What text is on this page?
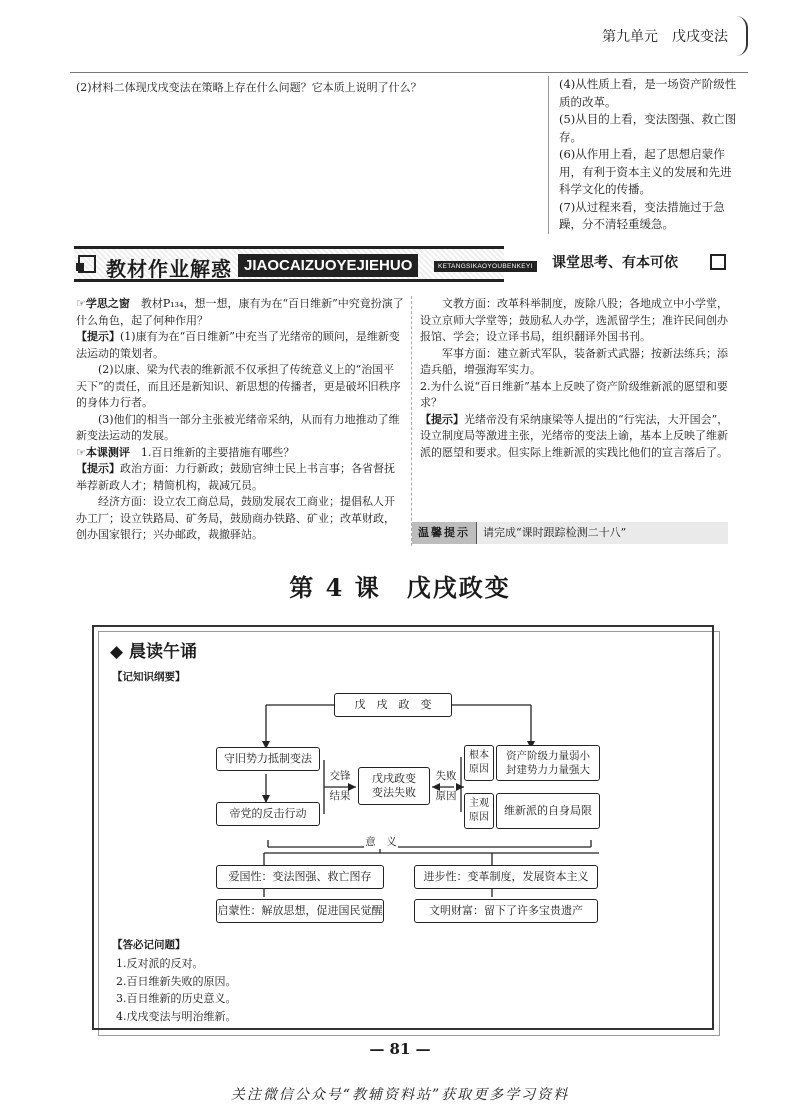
第九单元　戊戌变法
(2)材料二体现戊戌变法在策略上存在什么问题？它本质上说明了什么？	(4)从性质上看，是一场资产阶级性质的改革。

(5)从目的上看，变法图强、救亡图存。

(6)从作用上看，起了思想启蒙作用，有利于资本主义的发展和先进科学文化的传播。

(7)从过程来看，变法措施过于急躁，分不清轻重缓急。

教材作业解惑 JIAOCAIZUOYEJIEHUO	KETANGSIKAOYOUBENKEYI 课堂思考、有本可依

☞学思之窗　 教材P₁₃₄，想一想，康有为在“百日维新”中究竟扮演了什么角色，起了何种作用？

【提示】(1)康有为在“百日维新”中充当了光绪帝的顾问，是维新变法运动的策划者。

(2)以康、梁为代表的维新派不仅承担了传统意义上的“治国平天下”的责任，而且还是新知识、新思想的传播者，更是破坏旧秩序的身体力行者。

(3)他们的相当一部分主张被光绪帝采纳，从而有力地推动了维新变法运动的发展。

☞本课测评　 1.百日维新的主要措施有哪些？

【提示】政治方面：力行新政；鼓励官绅士民上书言事；各省督抚举荐新政人才；精简机构，裁减冗员。

经济方面：设立农工商总局，鼓励发展农工商业；提倡私人开办工厂；设立铁路局、矿务局，鼓励商办铁路、矿业；改革财政，创办国家银行；兴办邮政，裁撤驿站。

文教方面：改革科举制度，废除八股；各地成立中小学堂，设立京师大学堂等；鼓励私人办学，选派留学生；准许民间创办报馆、学会；设立译书局，组织翻译外国书刊。

军事方面：建立新式军队，装备新式武器；按新法练兵；添造兵船，增强海军实力。

2.为什么说“百日维新”基本上反映了资产阶级维新派的愿望和要求？

【提示】光绪帝没有采纳康梁等人提出的“行宪法，大开国会”，设立制度局等激进主张，光绪帝的变法上谕，基本上反映了维新派的愿望和要求。但实际上维新派的实践比他们的宣言落后了。

温馨提示 请完成“课时跟踪检测二十八”
第 4 课　戊戌政变
◆ 晨读午诵
【记知识纲要】
戊　戌　政　变
守旧势力抵制变法
帝党的反击行动
交锋
结果
戊戌政变
变法失败
失败
原因
根本
原因
资产阶级力量弱小
封建势力力量强大
主观
原因
维新派的自身局限
意　义
爱国性：变法图强、救亡图存	进步性：变革制度，发展资本主义
启蒙性：解放思想，促进国民觉醒	文明财富：留下了许多宝贵遗产
【答必记问题】
1.反对派的反对。
2.百日维新失败的原因。
3.百日维新的历史意义。
4.戊戌变法与明治维新。
— 81 —
关注微信公众号“教辅资料站”获取更多学习资料
